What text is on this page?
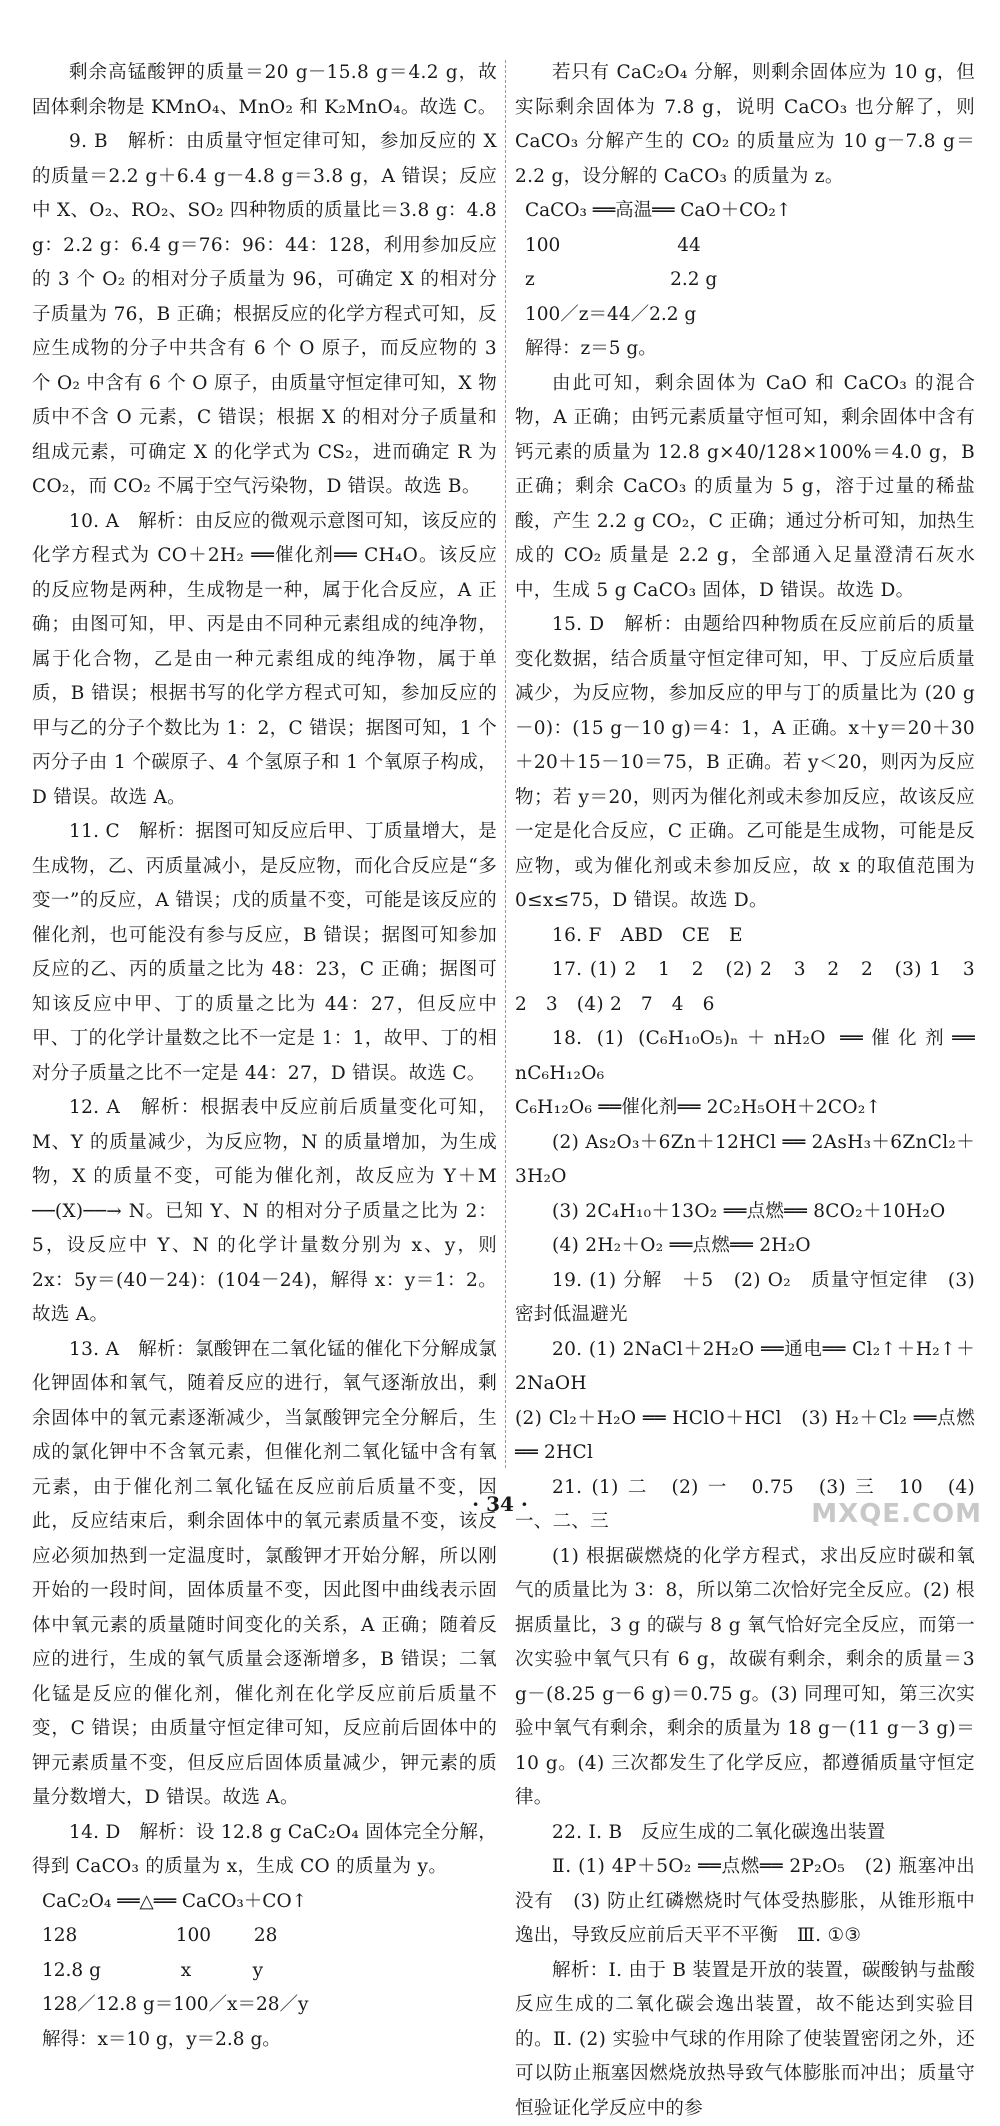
剩余高锰酸钾的质量＝20 g－15.8 g＝4.2 g，故固体剩余物是 KMnO₄、MnO₂ 和 K₂MnO₄。故选 C。

9. B　解析：由质量守恒定律可知，参加反应的 X 的质量＝2.2 g＋6.4 g－4.8 g＝3.8 g，A 错误；反应中 X、O₂、RO₂、SO₂ 四种物质的质量比＝3.8 g：4.8 g：2.2 g：6.4 g＝76：96：44：128，利用参加反应的 3 个 O₂ 的相对分子质量为 96，可确定 X 的相对分子质量为 76，B 正确；根据反应的化学方程式可知，反应生成物的分子中共含有 6 个 O 原子，而反应物的 3 个 O₂ 中含有 6 个 O 原子，由质量守恒定律可知，X 物质中不含 O 元素，C 错误；根据 X 的相对分子质量和组成元素，可确定 X 的化学式为 CS₂，进而确定 R 为 CO₂，而 CO₂ 不属于空气污染物，D 错误。故选 B。

10. A　解析：由反应的微观示意图可知，该反应的化学方程式为 CO＋2H₂ ══催化剂══ CH₄O。该反应的反应物是两种，生成物是一种，属于化合反应，A 正确；由图可知，甲、丙是由不同种元素组成的纯净物，属于化合物，乙是由一种元素组成的纯净物，属于单质，B 错误；根据书写的化学方程式可知，参加反应的甲与乙的分子个数比为 1：2，C 错误；据图可知，1 个丙分子由 1 个碳原子、4 个氢原子和 1 个氧原子构成，D 错误。故选 A。

11. C　解析：据图可知反应后甲、丁质量增大，是生成物，乙、丙质量减小，是反应物，而化合反应是“多变一”的反应，A 错误；戊的质量不变，可能是该反应的催化剂，也可能没有参与反应，B 错误；据图可知参加反应的乙、丙的质量之比为 48：23，C 正确；据图可知该反应中甲、丁的质量之比为 44：27，但反应中甲、丁的化学计量数之比不一定是 1：1，故甲、丁的相对分子质量之比不一定是 44：27，D 错误。故选 C。

12. A　解析：根据表中反应前后质量变化可知，M、Y 的质量减少，为反应物，N 的质量增加，为生成物，X 的质量不变，可能为催化剂，故反应为 Y＋M ──(X)──→ N。已知 Y、N 的相对分子质量之比为 2：5，设反应中 Y、N 的化学计量数分别为 x、y，则 2x：5y＝(40－24)：(104－24)，解得 x：y＝1：2。故选 A。

13. A　解析：氯酸钾在二氧化锰的催化下分解成氯化钾固体和氧气，随着反应的进行，氧气逐渐放出，剩余固体中的氧元素逐渐减少，当氯酸钾完全分解后，生成的氯化钾中不含氧元素，但催化剂二氧化锰中含有氧元素，由于催化剂二氧化锰在反应前后质量不变，因此，反应结束后，剩余固体中的氧元素质量不变，该反应必须加热到一定温度时，氯酸钾才开始分解，所以刚开始的一段时间，固体质量不变，因此图中曲线表示固体中氧元素的质量随时间变化的关系，A 正确；随着反应的进行，生成的氧气质量会逐渐增多，B 错误；二氧化锰是反应的催化剂，催化剂在化学反应前后质量不变，C 错误；由质量守恒定律可知，反应前后固体中的钾元素质量不变，但反应后固体质量减少，钾元素的质量分数增大，D 错误。故选 A。

14. D　解析：设 12.8 g CaC₂O₄ 固体完全分解，得到 CaCO₃ 的质量为 x，生成 CO 的质量为 y。

CaC₂O₄ ══△══ CaCO₃＋CO↑

128　　　　　 100　　 28

12.8 g　　　　 x　　　 y

128／12.8 g＝100／x＝28／y

解得：x＝10 g，y＝2.8 g。

若只有 CaC₂O₄ 分解，则剩余固体应为 10 g，但实际剩余固体为 7.8 g，说明 CaCO₃ 也分解了，则 CaCO₃ 分解产生的 CO₂ 的质量应为 10 g－7.8 g＝2.2 g，设分解的 CaCO₃ 的质量为 z。

CaCO₃ ══高温══ CaO＋CO₂↑

100　　　　　　 44

z　　　　　　　 2.2 g

100／z＝44／2.2 g

解得：z＝5 g。

由此可知，剩余固体为 CaO 和 CaCO₃ 的混合物，A 正确；由钙元素质量守恒可知，剩余固体中含有钙元素的质量为 12.8 g×40/128×100%＝4.0 g，B 正确；剩余 CaCO₃ 的质量为 5 g，溶于过量的稀盐酸，产生 2.2 g CO₂，C 正确；通过分析可知，加热生成的 CO₂ 质量是 2.2 g，全部通入足量澄清石灰水中，生成 5 g CaCO₃ 固体，D 错误。故选 D。

15. D　解析：由题给四种物质在反应前后的质量变化数据，结合质量守恒定律可知，甲、丁反应后质量减少，为反应物，参加反应的甲与丁的质量比为 (20 g－0)：(15 g－10 g)＝4：1，A 正确。x＋y＝20＋30＋20＋15－10＝75，B 正确。若 y＜20，则丙为反应物；若 y＝20，则丙为催化剂或未参加反应，故该反应一定是化合反应，C 正确。乙可能是生成物，可能是反应物，或为催化剂或未参加反应，故 x 的取值范围为 0≤x≤75，D 错误。故选 D。

16. F　ABD　CE　E

17. (1) 2　1　2　(2) 2　3　2　2　(3) 1　3　2　3　(4) 2　7　4　6

18. (1) (C₆H₁₀O₅)ₙ＋nH₂O ══催化剂══ nC₆H₁₂O₆

C₆H₁₂O₆ ══催化剂══ 2C₂H₅OH＋2CO₂↑

(2) As₂O₃＋6Zn＋12HCl ══ 2AsH₃＋6ZnCl₂＋3H₂O

(3) 2C₄H₁₀＋13O₂ ══点燃══ 8CO₂＋10H₂O

(4) 2H₂＋O₂ ══点燃══ 2H₂O

19. (1) 分解　＋5　(2) O₂　质量守恒定律　(3) 密封低温避光

20. (1) 2NaCl＋2H₂O ══通电══ Cl₂↑＋H₂↑＋2NaOH

(2) Cl₂＋H₂O ══ HClO＋HCl　(3) H₂＋Cl₂ ══点燃══ 2HCl

21. (1) 二　(2) 一　0.75　(3) 三　10　(4) 一、二、三

(1) 根据碳燃烧的化学方程式，求出反应时碳和氧气的质量比为 3：8，所以第二次恰好完全反应。(2) 根据质量比，3 g 的碳与 8 g 氧气恰好完全反应，而第一次实验中氧气只有 6 g，故碳有剩余，剩余的质量＝3 g－(8.25 g－6 g)＝0.75 g。(3) 同理可知，第三次实验中氧气有剩余，剩余的质量为 18 g－(11 g－3 g)＝10 g。(4) 三次都发生了化学反应，都遵循质量守恒定律。

22. Ⅰ. B　反应生成的二氧化碳逸出装置

Ⅱ. (1) 4P＋5O₂ ══点燃══ 2P₂O₅　(2) 瓶塞冲出　没有　(3) 防止红磷燃烧时气体受热膨胀，从锥形瓶中逸出，导致反应前后天平不平衡　Ⅲ. ①③

解析：Ⅰ. 由于 B 装置是开放的装置，碳酸钠与盐酸反应生成的二氧化碳会逸出装置，故不能达到实验目的。Ⅱ. (2) 实验中气球的作用除了使装置密闭之外，还可以防止瓶塞因燃烧放热导致气体膨胀而冲出；质量守恒验证化学反应中的参

· 34 ·	MXQE.COM
